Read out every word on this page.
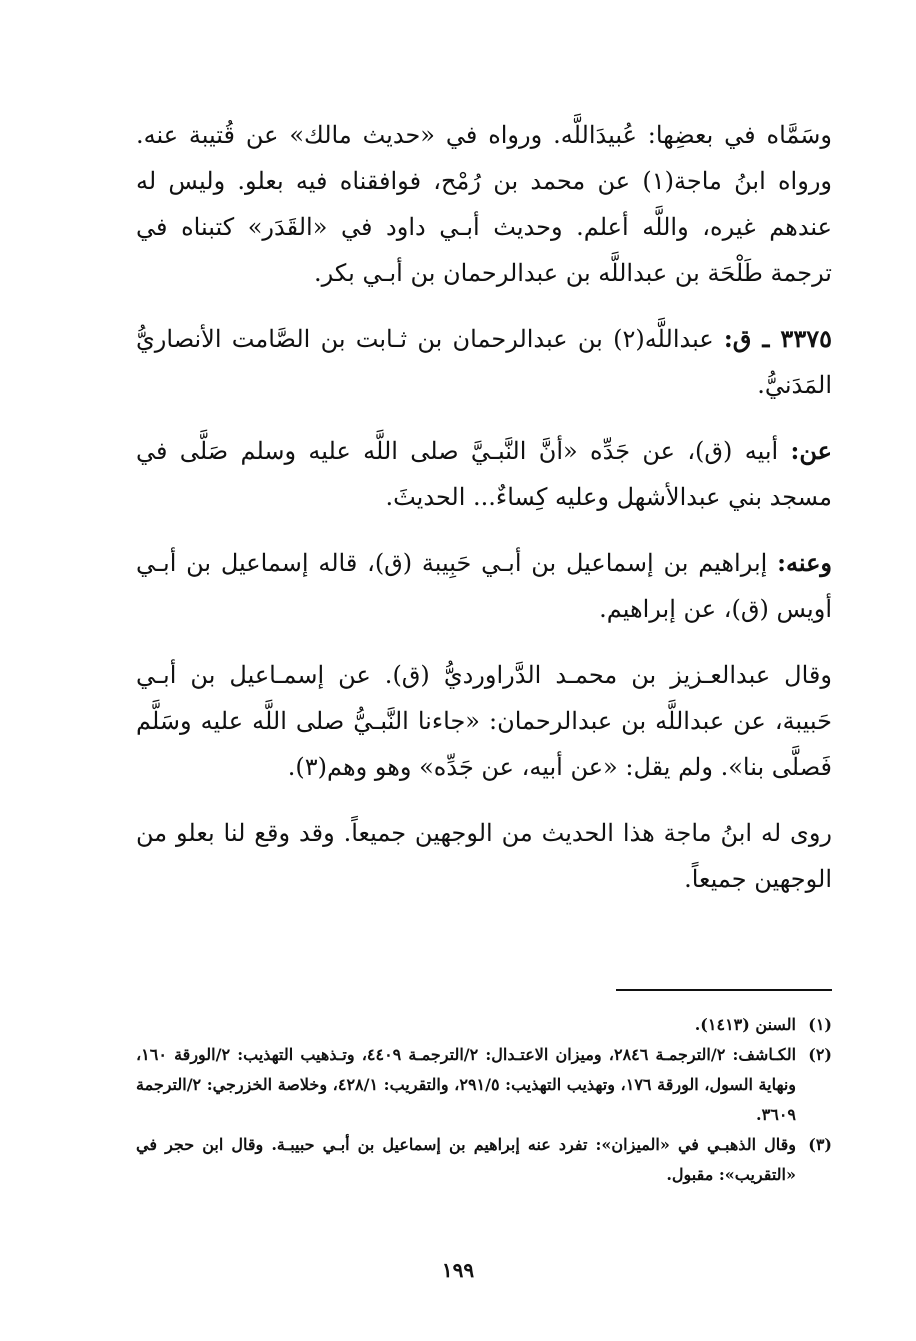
وسَمَّاه في بعضِها: عُبيدَاللَّه. ورواه في «حديث مالك» عن قُتيبة عنه. ورواه ابنُ ماجة(١) عن محمد بن رُمْح، فوافقناه فيه بعلو. وليس له عندهم غيره، واللَّه أعلم. وحديث أبـي داود في «القَدَر» كتبناه في ترجمة طَلْحَة بن عبداللَّه بن عبدالرحمان بن أبـي بكر.

٣٣٧٥ ـ ق: عبداللَّه(٢) بن عبدالرحمان بن ثـابت بن الصَّامت الأنصاريُّ المَدَنيُّ.

عن: أبيه (ق)، عن جَدِّه «أنَّ النَّبـيَّ صلى اللَّه عليه وسلم صَلَّى في مسجد بني عبدالأشهل وعليه كِساءٌ... الحديثَ.

وعنه: إبراهيم بن إسماعيل بن أبـي حَبِيبة (ق)، قاله إسماعيل بن أبـي أويس (ق)، عن إبراهيم.

وقال عبدالعـزيز بن محمـد الدَّراورديُّ (ق). عن إسمـاعيل بن أبـي حَبيبة، عن عبداللَّه بن عبدالرحمان: «جاءنا النَّبـيُّ صلى اللَّه عليه وسَلَّم فَصلَّى بنا». ولم يقل: «عن أبيه، عن جَدِّه» وهو وهم(٣).

روى له ابنُ ماجة هذا الحديث من الوجهين جميعاً. وقد وقع لنا بعلو من الوجهين جميعاً.

(١)
السنن (١٤١٣).

(٢)
الكـاشف: ٢/الترجمـة ٢٨٤٦، وميزان الاعتـدال: ٢/الترجمـة ٤٤٠٩، وتـذهيب التهذيب: ٢/الورقة ١٦٠، ونهاية السول، الورقة ١٧٦، وتهذيب التهذيب: ٢٩١/٥، والتقريب: ٤٢٨/١، وخلاصة الخزرجي: ٢/الترجمة ٣٦٠٩.

(٣)
وقال الذهبـي في «الميزان»: تفرد عنه إبراهيم بن إسماعيل بن أبـي حبيبـة. وقال ابن حجر في «التقريب»: مقبول.

١٩٩
